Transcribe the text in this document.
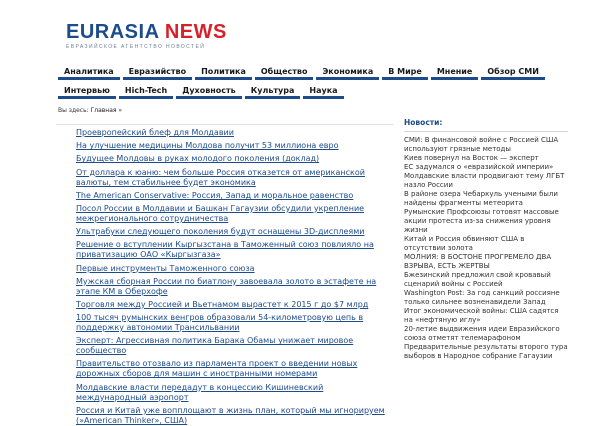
EURASIA NEWS
ЕВРАЗИЙСКОЕ АГЕНТСТВО НОВОСТЕЙ
Аналитика	Евразийство	Политика	Общество	Экономика	В Мире	Мнение	Обзор СМИ
Интервью	Hich-Tech	Духовность	Культура	Наука
Вы здесь: Главная »
Проевропейский блеф для Молдавии
На улучшение медицины Молдова получит 53 миллиона евро
Будущее Молдовы в руках молодого поколения (доклад)
От доллара к юаню: чем больше Россия отказется от американской валюты, тем стабильнее будет экономика
The American Conservative: Россия, Запад и моральное равенство
Посол России в Молдавии и Башкан Гагаузии обсудили укрепление межрегионального сотрудничества
Ультрабуки следующего поколения будут оснащены 3D-дисплеями
Решение о вступлении Кыргызстана в Таможенный союз повлияло на приватизацию ОАО «Кыргызгаза»
Первые инструменты Таможенного союза
Мужская сборная России по биатлону завоевала золото в эстафете на этапе КМ в Оберхофе
Торговля между Россией и Вьетнамом вырастет к 2015 г до $7 млрд
100 тысяч румынских венгров образовали 54-километровую цепь в поддержку автономии Трансильвании
Эксперт: Агрессивная политика Барака Обамы унижает мировое сообщество
Правительство отозвало из парламента проект о введении новых дорожных сборов для машин с иностранными номерами
Молдавские власти передадут в концессию Кишиневский международный аэропорт
Россия и Китай уже вопплощают в жизнь план, который мы игнорируем (»American Thinker», США)
Новости:
СМИ: В финансовой войне с Россией США используют грязные методы
Киев повернул на Восток — эксперт
ЕС задумался о «евразийской империи»
Молдавские власти продвигают тему ЛГБТ назло России
В районе озера Чебаркуль учеными были найдены фрагменты метеорита
Румынские Профсоюзы готовят массовые акции протеста из-за снижения уровня жизни
Китай и Россия обвиняют США в отсутствии золота
МОЛНИЯ: В БОСТОНЕ ПРОГРЕМЕЛО ДВА ВЗРЫВА, ЕСТЬ ЖЕРТВЫ
Бжезинский предложил свой кровавый сценарий войны с Россией
Washington Post: За год санкций россияне только сильнее возненавидели Запад
Итог экономической войны: США садятся на «нефтяную иглу»
20-летие выдвижения идеи Евразийского союза отметят телемарафоном
Предварительные результаты второго тура выборов в Народное собрание Гагаузии
